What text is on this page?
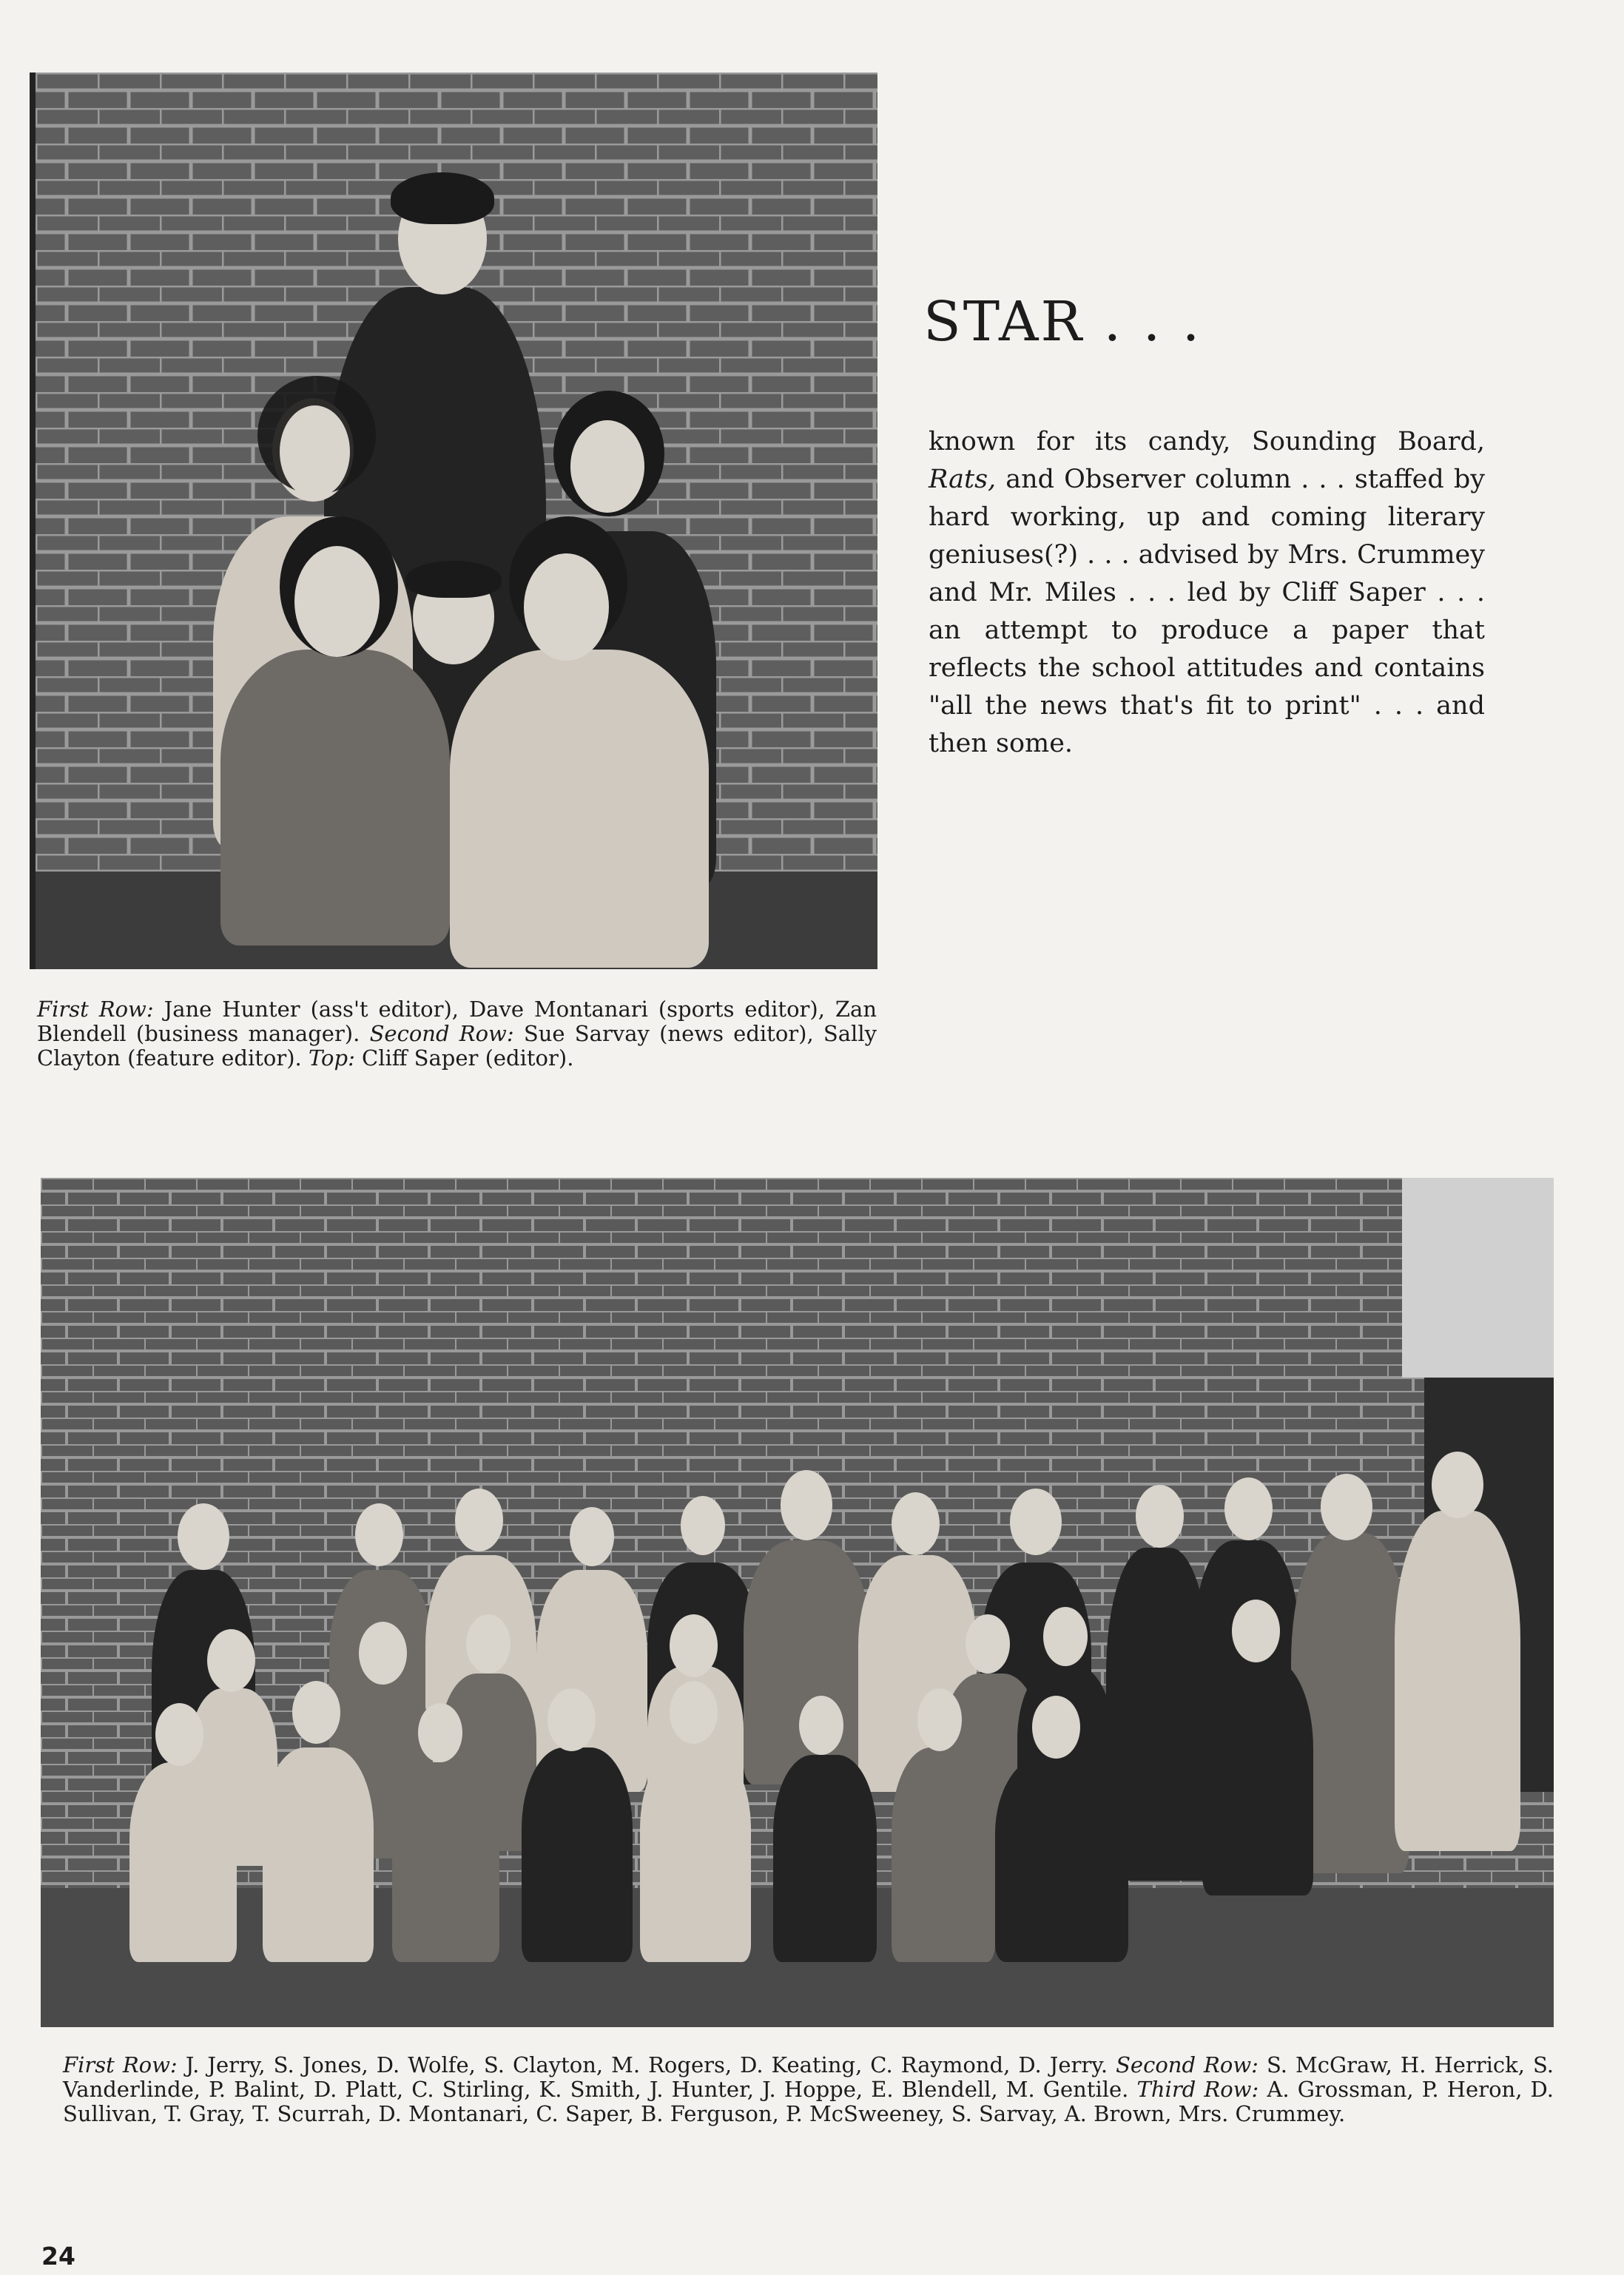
STAR . . .
known for its candy, Sounding Board, Rats, and Observer column . . . staffed by hard working, up and coming literary geniuses(?) . . . advised by Mrs. Crummey and Mr. Miles . . . led by Cliff Saper . . . an attempt to produce a paper that reflects the school attitudes and contains "all the news that's fit to print" . . . and then some.
First Row: Jane Hunter (ass't editor), Dave Montanari (sports editor), Zan Blendell (business manager). Second Row: Sue Sarvay (news editor), Sally Clayton (feature editor). Top: Cliff Saper (editor).
First Row: J. Jerry, S. Jones, D. Wolfe, S. Clayton, M. Rogers, D. Keating, C. Raymond, D. Jerry. Second Row: S. McGraw, H. Herrick, S. Vanderlinde, P. Balint, D. Platt, C. Stirling, K. Smith, J. Hunter, J. Hoppe, E. Blendell, M. Gentile. Third Row: A. Grossman, P. Heron, D. Sullivan, T. Gray, T. Scurrah, D. Montanari, C. Saper, B. Ferguson, P. McSweeney, S. Sarvay, A. Brown, Mrs. Crummey.
24
